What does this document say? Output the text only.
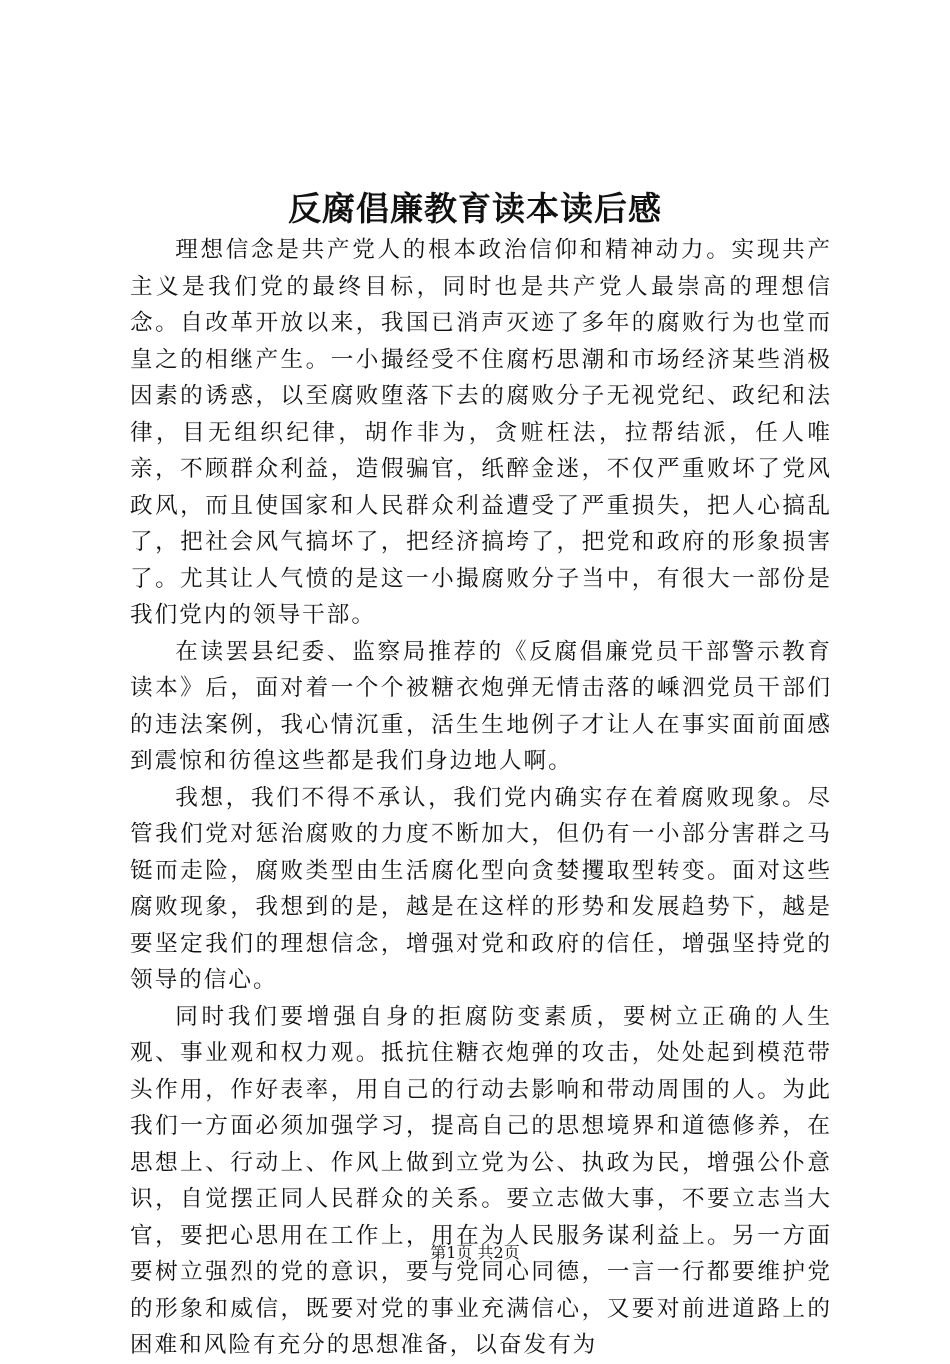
反腐倡廉教育读本读后感

理想信念是共产党人的根本政治信仰和精神动力。实现共产主义是我们党的最终目标，同时也是共产党人最崇高的理想信念。自改革开放以来，我国已消声灭迹了多年的腐败行为也堂而皇之的相继产生。一小撮经受不住腐朽思潮和市场经济某些消极因素的诱惑，以至腐败堕落下去的腐败分子无视党纪、政纪和法律，目无组织纪律，胡作非为，贪赃枉法，拉帮结派，任人唯亲，不顾群众利益，造假骗官，纸醉金迷，不仅严重败坏了党风政风，而且使国家和人民群众利益遭受了严重损失，把人心搞乱了，把社会风气搞坏了，把经济搞垮了，把党和政府的形象损害了。尤其让人气愤的是这一小撮腐败分子当中，有很大一部份是我们党内的领导干部。

在读罢县纪委、监察局推荐的《反腐倡廉党员干部警示教育读本》后，面对着一个个被糖衣炮弹无情击落的嵊泗党员干部们的违法案例，我心情沉重，活生生地例子才让人在事实面前面感到震惊和彷徨这些都是我们身边地人啊。

我想，我们不得不承认，我们党内确实存在着腐败现象。尽管我们党对惩治腐败的力度不断加大，但仍有一小部分害群之马铤而走险，腐败类型由生活腐化型向贪婪攫取型转变。面对这些腐败现象，我想到的是，越是在这样的形势和发展趋势下，越是要坚定我们的理想信念，增强对党和政府的信任，增强坚持党的领导的信心。

同时我们要增强自身的拒腐防变素质，要树立正确的人生观、事业观和权力观。抵抗住糖衣炮弹的攻击，处处起到模范带头作用，作好表率，用自己的行动去影响和带动周围的人。为此我们一方面必须加强学习，提高自己的思想境界和道德修养，在思想上、行动上、作风上做到立党为公、执政为民，增强公仆意识，自觉摆正同人民群众的关系。要立志做大事，不要立志当大官，要把心思用在工作上，用在为人民服务谋利益上。另一方面要树立强烈的党的意识，要与党同心同德，一言一行都要维护党的形象和威信，既要对党的事业充满信心，又要对前进道路上的困难和风险有充分的思想准备，以奋发有为

第1页 共2页
